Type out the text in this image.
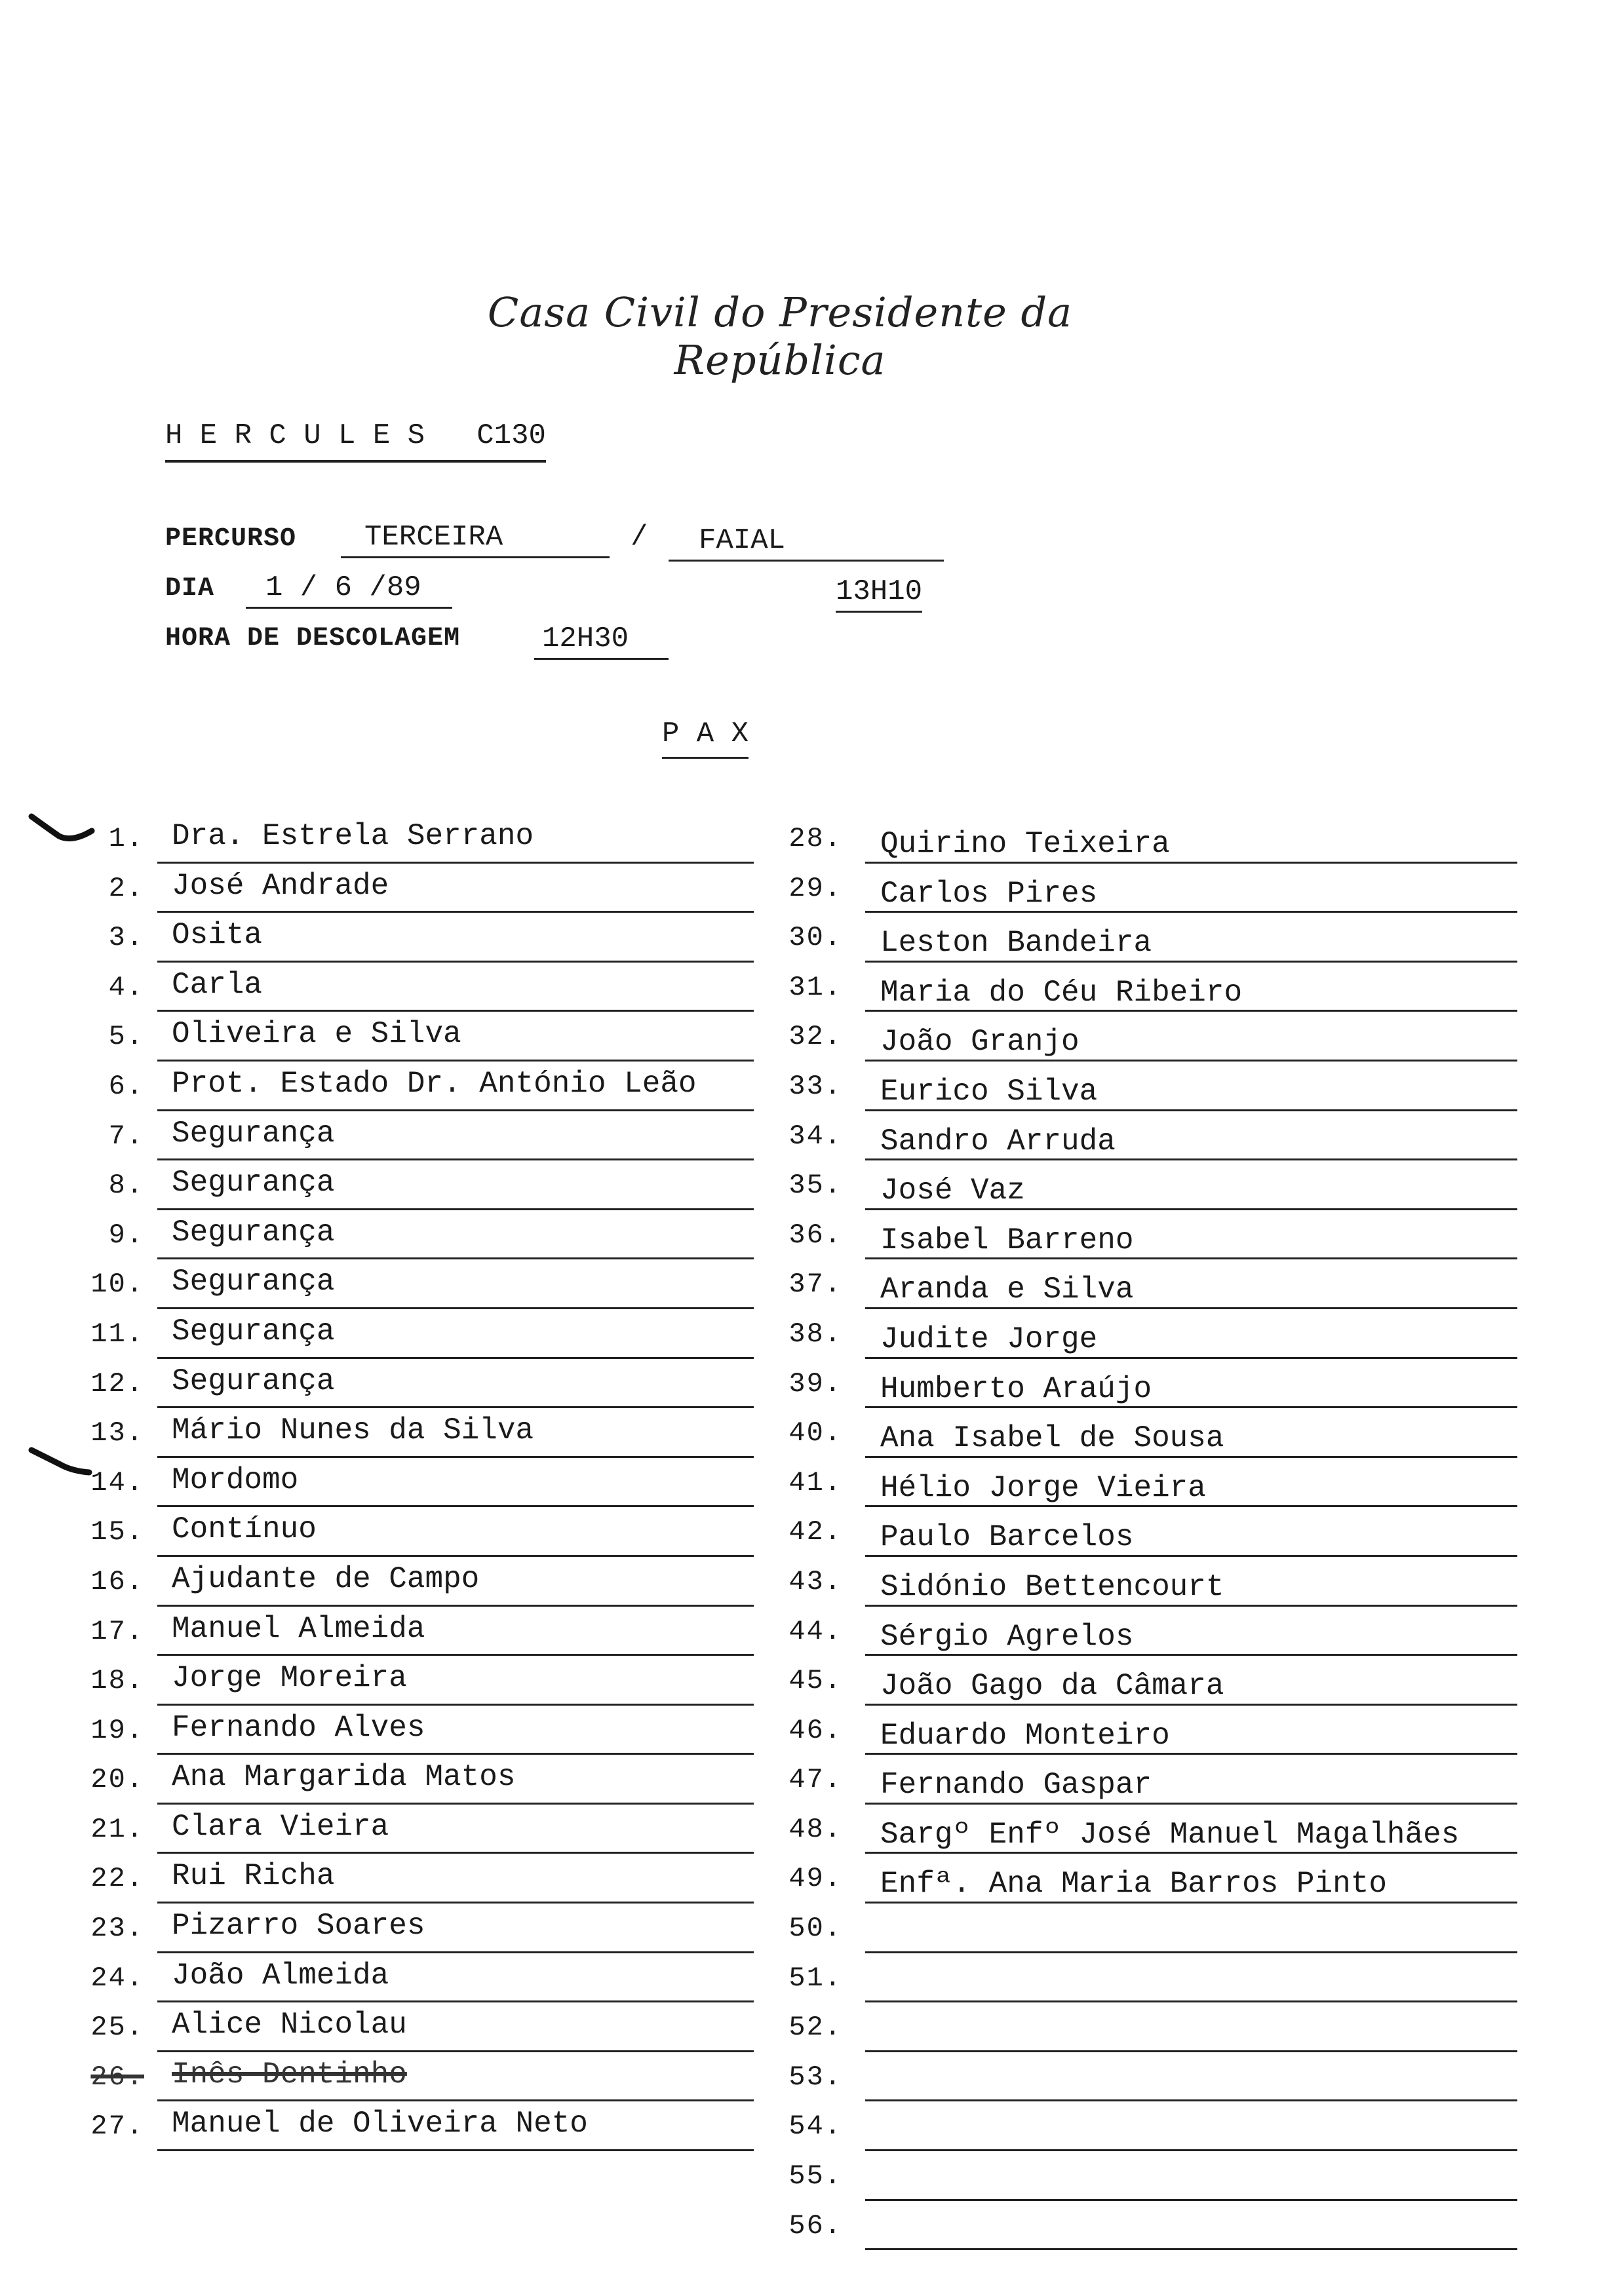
Casa Civil do Presidente da República
H E R C U L E S   C130
PERCURSO	TERCEIRA	/	FAIAL
DIA	1 / 6 /89	13H10
HORA DE DESCOLAGEM	12H30
P A X
1. Dra. Estrela Serrano
2. José Andrade
3. Osita
4. Carla
5. Oliveira e Silva
6. Prot. Estado Dr. António Leão
7. Segurança
8. Segurança
9. Segurança
10. Segurança
11. Segurança
12. Segurança
13. Mário Nunes da Silva
14. Mordomo
15. Contínuo
16. Ajudante de Campo
17. Manuel Almeida
18. Jorge Moreira
19. Fernando Alves
20. Ana Margarida Matos
21. Clara Vieira
22. Rui Richa
23. Pizarro Soares
24. João Almeida
25. Alice Nicolau
26. Inês Dentinho
27. Manuel de Oliveira Neto
28. Quirino Teixeira
29. Carlos Pires
30. Leston Bandeira
31. Maria do Céu Ribeiro
32. João Granjo
33. Eurico Silva
34. Sandro Arruda
35. José Vaz
36. Isabel Barreno
37. Aranda e Silva
38. Judite Jorge
39. Humberto Araújo
40. Ana Isabel de Sousa
41. Hélio Jorge Vieira
42. Paulo Barcelos
43. Sidónio Bettencourt
44. Sérgio Agrelos
45. João Gago da Câmara
46. Eduardo Monteiro
47. Fernando Gaspar
48. Sargº Enfº José Manuel Magalhães
49. Enfª. Ana Maria Barros Pinto
50.
51.
52.
53.
54.
55.
56.
